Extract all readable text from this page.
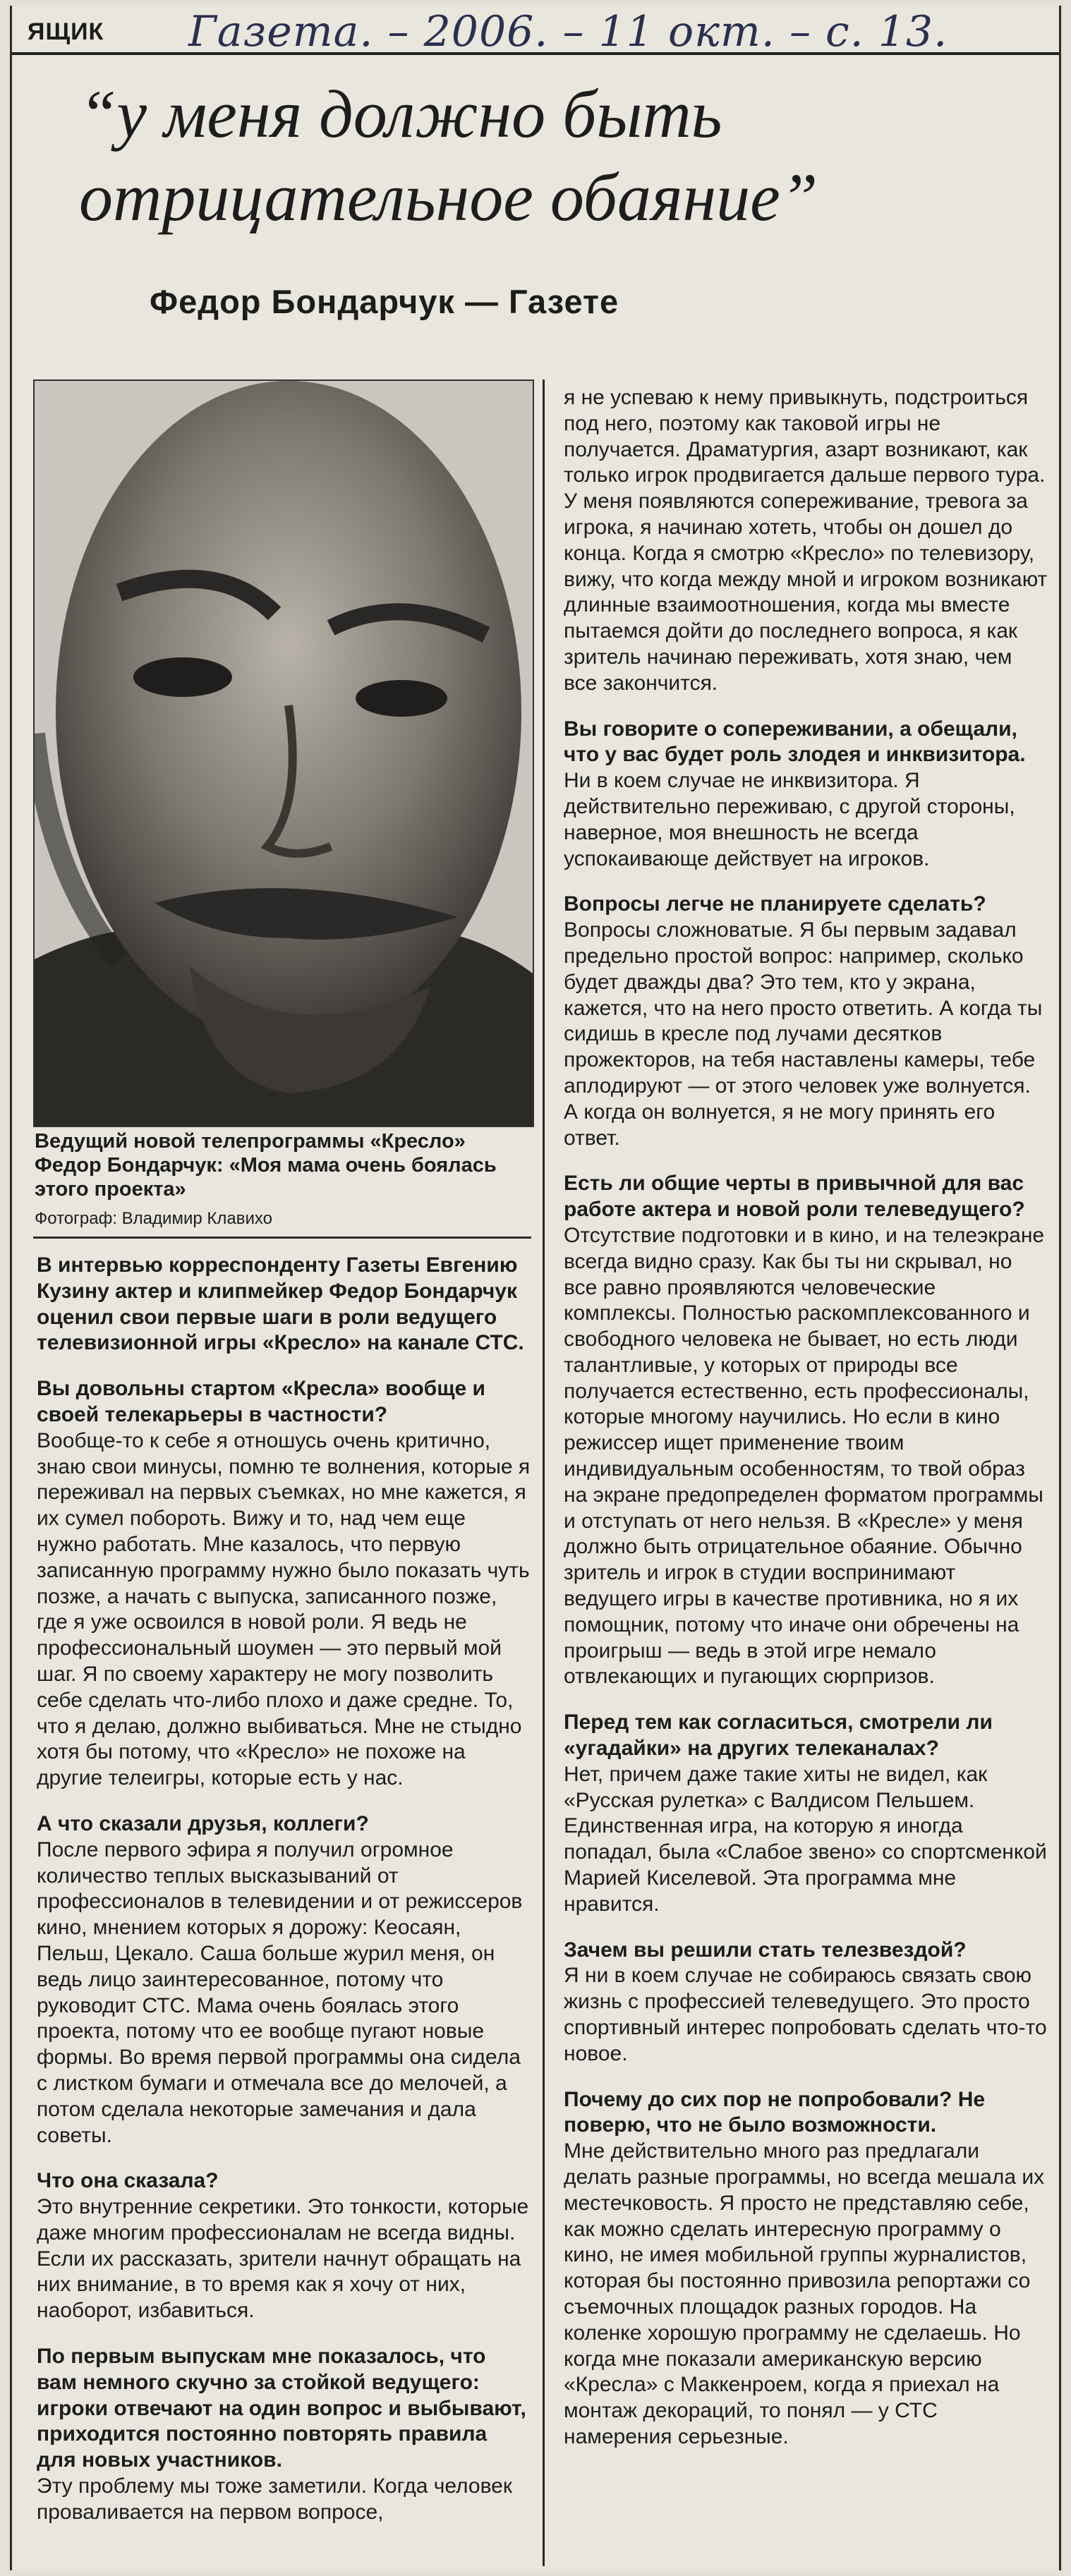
ЯЩИК Газета. – 2006. – 11 окт. – с. 13.
“у меня должно быть
отрицательное обаяние”
Федор Бондарчук — Газете
Ведущий новой телепрограммы «Кресло» Федор Бондарчук: «Моя мама очень боялась этого проекта»
Фотограф: Владимир Клавихо

В интервью корреспонденту Газеты Евгению Кузину актер и клипмейкер Федор Бондарчук оценил свои первые шаги в роли ведущего телевизионной игры «Кресло» на канале СТС.

Вы довольны стартом «Кресла» вообще и своей телекарьеры в частности?

Вообще-то к себе я отношусь очень критично, знаю свои минусы, помню те волнения, которые я переживал на первых съемках, но мне кажется, я их сумел побороть. Вижу и то, над чем еще нужно работать. Мне казалось, что первую записанную программу нужно было показать чуть позже, а начать с выпуска, записанного позже, где я уже освоился в новой роли. Я ведь не профессиональный шоумен — это первый мой шаг. Я по своему характеру не могу позволить себе сделать что-либо плохо и даже средне. То, что я делаю, должно выбиваться. Мне не стыдно хотя бы потому, что «Кресло» не похоже на другие телеигры, которые есть у нас.

А что сказали друзья, коллеги?

После первого эфира я получил огромное количество теплых высказываний от профессионалов в телевидении и от режиссеров кино, мнением которых я дорожу: Кеосаян, Пельш, Цекало. Саша больше журил меня, он ведь лицо заинтересованное, потому что руководит СТС. Мама очень боялась этого проекта, потому что ее вообще пугают новые формы. Во время первой программы она сидела с листком бумаги и отмечала все до мелочей, а потом сделала некоторые замечания и дала советы.

Что она сказала?

Это внутренние секретики. Это тонкости, которые даже многим профессионалам не всегда видны. Если их рассказать, зрители начнут обращать на них внимание, в то время как я хочу от них, наоборот, избавиться.

По первым выпускам мне показалось, что вам немного скучно за стойкой ведущего: игроки отвечают на один вопрос и выбывают, приходится постоянно повторять правила для новых участников.

Эту проблему мы тоже заметили. Когда человек проваливается на первом вопросе,

я не успеваю к нему привыкнуть, подстроиться под него, поэтому как таковой игры не получается. Драматургия, азарт возникают, как только игрок продвигается дальше первого тура. У меня появляются сопереживание, тревога за игрока, я начинаю хотеть, чтобы он дошел до конца. Когда я смотрю «Кресло» по телевизору, вижу, что когда между мной и игроком возникают длинные взаимоотношения, когда мы вместе пытаемся дойти до последнего вопроса, я как зритель начинаю переживать, хотя знаю, чем все закончится.

Вы говорите о сопереживании, а обещали, что у вас будет роль злодея и инквизитора.

Ни в коем случае не инквизитора. Я действительно переживаю, с другой стороны, наверное, моя внешность не всегда успокаивающе действует на игроков.

Вопросы легче не планируете сделать?

Вопросы сложноватые. Я бы первым задавал предельно простой вопрос: например, сколько будет дважды два? Это тем, кто у экрана, кажется, что на него просто ответить. А когда ты сидишь в кресле под лучами десятков прожекторов, на тебя наставлены камеры, тебе аплодируют — от этого человек уже волнуется. А когда он волнуется, я не могу принять его ответ.

Есть ли общие черты в привычной для вас работе актера и новой роли телеведущего?

Отсутствие подготовки и в кино, и на телеэкране всегда видно сразу. Как бы ты ни скрывал, но все равно проявляются человеческие комплексы. Полностью раскомплексованного и свободного человека не бывает, но есть люди талантливые, у которых от природы все получается естественно, есть профессионалы, которые многому научились. Но если в кино режиссер ищет применение твоим индивидуальным особенностям, то твой образ на экране предопределен форматом программы и отступать от него нельзя. В «Кресле» у меня должно быть отрицательное обаяние. Обычно зритель и игрок в студии воспринимают ведущего игры в качестве противника, но я их помощник, потому что иначе они обречены на проигрыш — ведь в этой игре немало отвлекающих и пугающих сюрпризов.

Перед тем как согласиться, смотрели ли «угадайки» на других телеканалах?

Нет, причем даже такие хиты не видел, как «Русская рулетка» с Валдисом Пельшем. Единственная игра, на которую я иногда попадал, была «Слабое звено» со спортсменкой Марией Киселевой. Эта программа мне нравится.

Зачем вы решили стать телезвездой?

Я ни в коем случае не собираюсь связать свою жизнь с профессией телеведущего. Это просто спортивный интерес попробовать сделать что-то новое.

Почему до сих пор не попробовали? Не поверю, что не было возможности.

Мне действительно много раз предлагали делать разные программы, но всегда мешала их местечковость. Я просто не представляю себе, как можно сделать интересную программу о кино, не имея мобильной группы журналистов, которая бы постоянно привозила репортажи со съемочных площадок разных городов. На коленке хорошую программу не сделаешь. Но когда мне показали американскую версию «Кресла» с Маккенроем, когда я приехал на монтаж декораций, то понял — у СТС намерения серьезные.
